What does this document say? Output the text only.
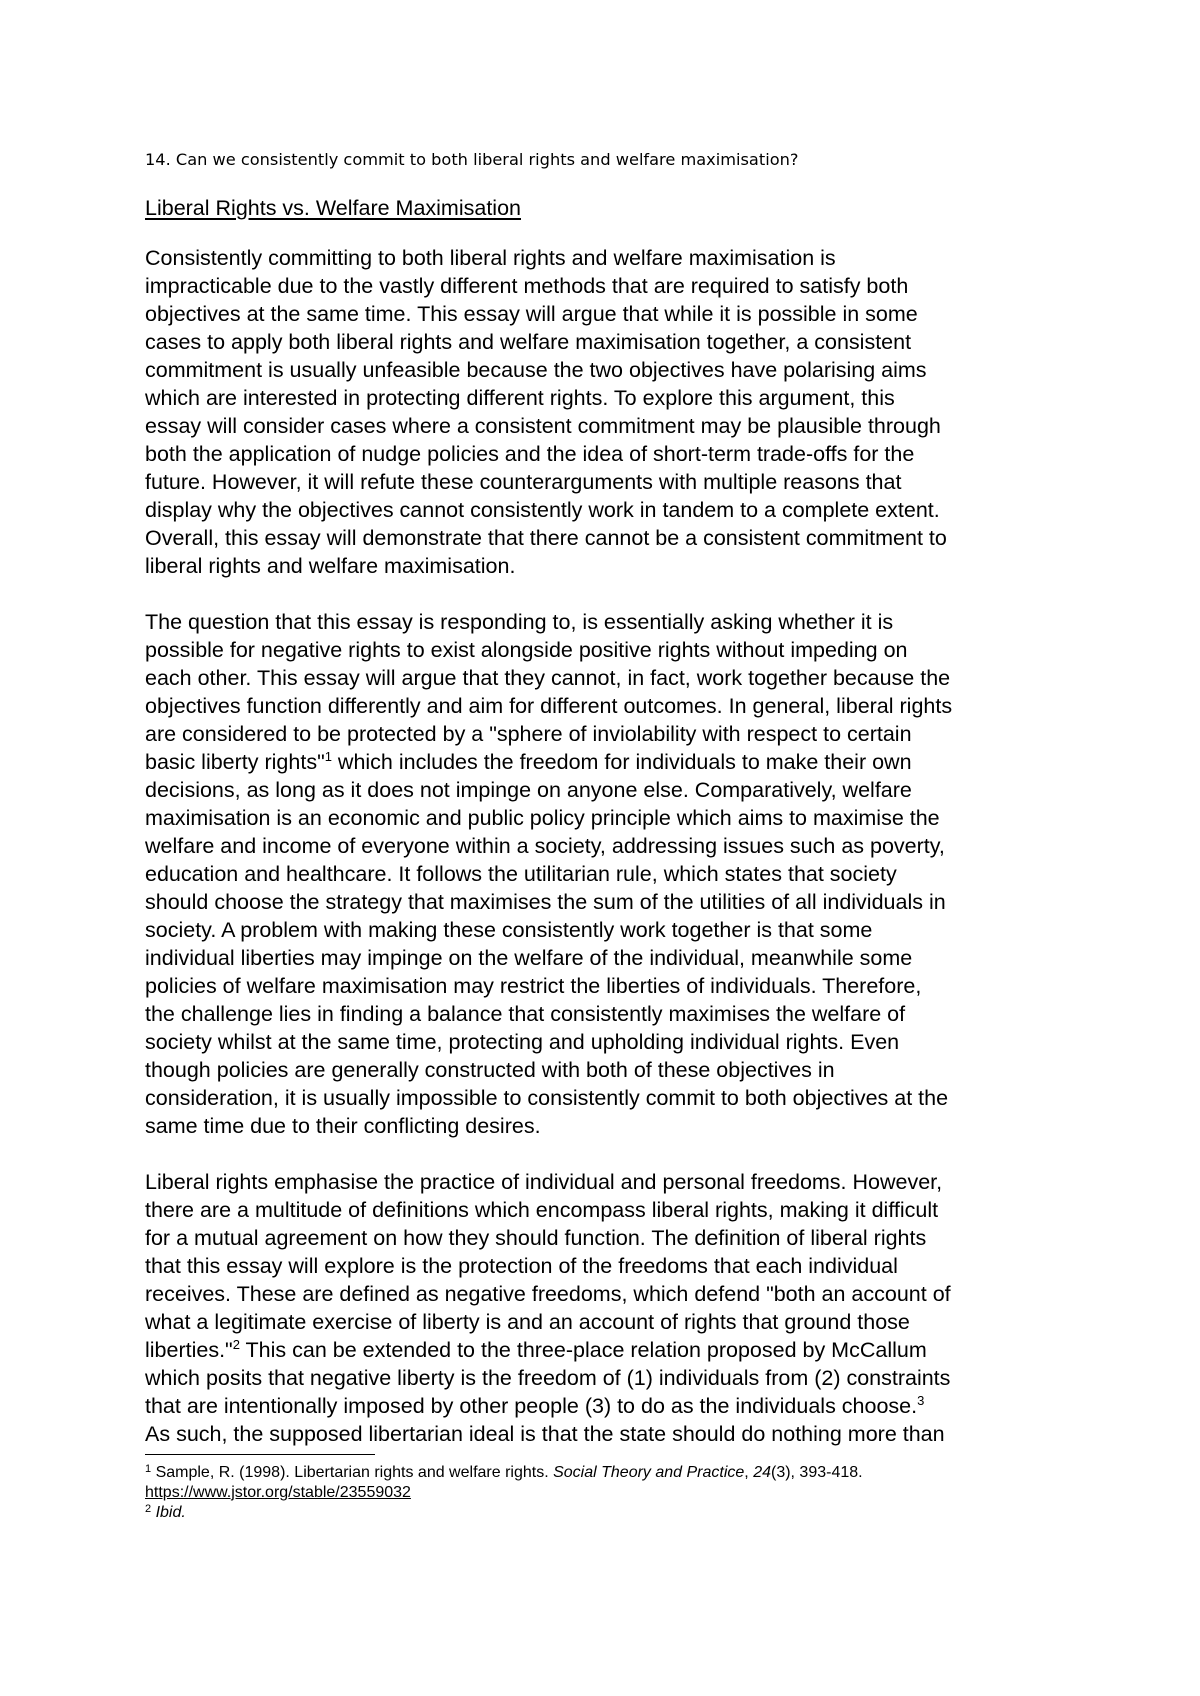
14. Can we consistently commit to both liberal rights and welfare maximisation?
Liberal Rights vs. Welfare Maximisation
Consistently committing to both liberal rights and welfare maximisation is
impracticable due to the vastly different methods that are required to satisfy both
objectives at the same time. This essay will argue that while it is possible in some
cases to apply both liberal rights and welfare maximisation together, a consistent
commitment is usually unfeasible because the two objectives have polarising aims
which are interested in protecting different rights. To explore this argument, this
essay will consider cases where a consistent commitment may be plausible through
both the application of nudge policies and the idea of short-term trade-offs for the
future. However, it will refute these counterarguments with multiple reasons that
display why the objectives cannot consistently work in tandem to a complete extent.
Overall, this essay will demonstrate that there cannot be a consistent commitment to
liberal rights and welfare maximisation.
The question that this essay is responding to, is essentially asking whether it is
possible for negative rights to exist alongside positive rights without impeding on
each other. This essay will argue that they cannot, in fact, work together because the
objectives function differently and aim for different outcomes. In general, liberal rights
are considered to be protected by a "sphere of inviolability with respect to certain
basic liberty rights"$^1$ which includes the freedom for individuals to make their own
decisions, as long as it does not impinge on anyone else. Comparatively, welfare
maximisation is an economic and public policy principle which aims to maximise the
welfare and income of everyone within a society, addressing issues such as poverty,
education and healthcare. It follows the utilitarian rule, which states that society
should choose the strategy that maximises the sum of the utilities of all individuals in
society. A problem with making these consistently work together is that some
individual liberties may impinge on the welfare of the individual, meanwhile some
policies of welfare maximisation may restrict the liberties of individuals. Therefore,
the challenge lies in finding a balance that consistently maximises the welfare of
society whilst at the same time, protecting and upholding individual rights. Even
though policies are generally constructed with both of these objectives in
consideration, it is usually impossible to consistently commit to both objectives at the
same time due to their conflicting desires.
Liberal rights emphasise the practice of individual and personal freedoms. However,
there are a multitude of definitions which encompass liberal rights, making it difficult
for a mutual agreement on how they should function. The definition of liberal rights
that this essay will explore is the protection of the freedoms that each individual
receives. These are defined as negative freedoms, which defend "both an account of
what a legitimate exercise of liberty is and an account of rights that ground those
liberties."$^2$ This can be extended to the three-place relation proposed by McCallum
which posits that negative liberty is the freedom of (1) individuals from (2) constraints
that are intentionally imposed by other people (3) to do as the individuals choose.$^3$
As such, the supposed libertarian ideal is that the state should do nothing more than

$^1$ Sample, R. (1998). Libertarian rights and welfare rights. Social Theory and Practice, 24(3), 393-418.

https://www.jstor.org/stable/23559032

$^2$ Ibid.
